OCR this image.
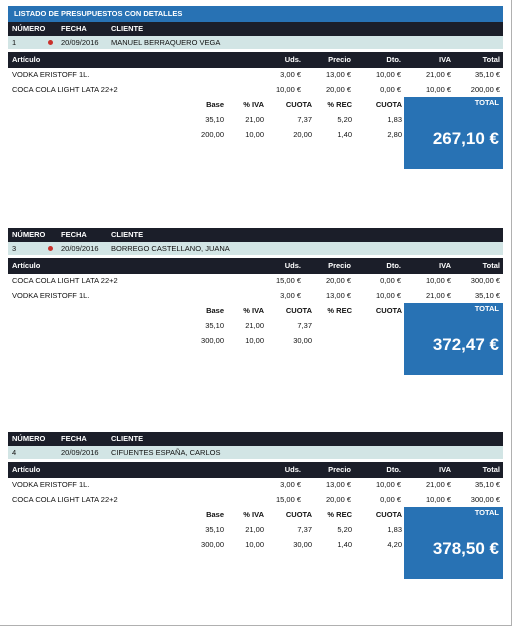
LISTADO DE PRESUPUESTOS CON DETALLES
NÚMERO FECHA	CLIENTE
1	20/09/2016 MANUEL BERRAQUERO VEGA
Artículo	Uds.	Precio	Dto.	IVA	Total
VODKA ERISTOFF 1L.	3,00 €	13,00 €	10,00 €	21,00 €	35,10 €
COCA COLA LIGHT LATA 22+2	10,00 €	20,00 €	0,00 €	10,00 €	200,00 €
Base	% IVA	CUOTA	% REC	CUOTA
35,10	21,00	7,37	5,20	1,83
200,00	10,00	20,00	1,40	2,80
TOTAL
267,10 €
NÚMERO FECHA	CLIENTE
3	20/09/2016 BORREGO CASTELLANO, JUANA
Artículo	Uds.	Precio	Dto.	IVA	Total
COCA COLA LIGHT LATA 22+2	15,00 €	20,00 €	0,00 €	10,00 €	300,00 €
VODKA ERISTOFF 1L.	3,00 €	13,00 €	10,00 €	21,00 €	35,10 €
Base	% IVA	CUOTA	% REC	CUOTA
35,10	21,00	7,37
300,00	10,00	30,00
TOTAL
372,47 €
NÚMERO FECHA	CLIENTE
4	20/09/2016 CIFUENTES ESPAÑA, CARLOS
Artículo	Uds.	Precio	Dto.	IVA	Total
VODKA ERISTOFF 1L.	3,00 €	13,00 €	10,00 €	21,00 €	35,10 €
COCA COLA LIGHT LATA 22+2	15,00 €	20,00 €	0,00 €	10,00 €	300,00 €
Base	% IVA	CUOTA	% REC	CUOTA
35,10	21,00	7,37	5,20	1,83
300,00	10,00	30,00	1,40	4,20
TOTAL
378,50 €
